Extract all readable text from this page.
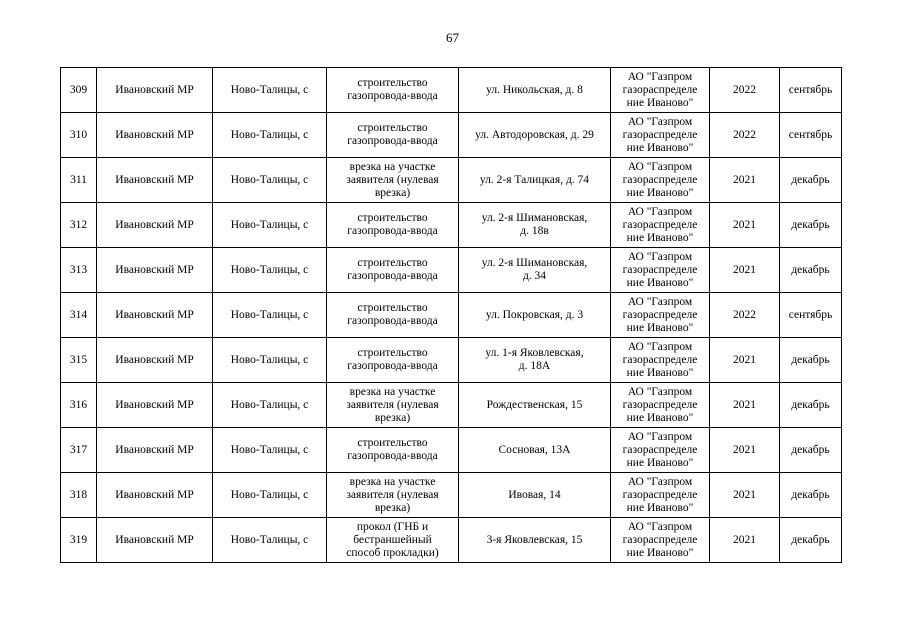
67
309	Ивановский МР	Ново-Талицы, с	строительство
газопровода-ввода	ул. Никольская, д. 8	АО "Газпром
газораспределе
ние Иваново"	2022	сентябрь
310	Ивановский МР	Ново-Талицы, с	строительство
газопровода-ввода	ул. Автодоровская, д. 29	АО "Газпром
газораспределе
ние Иваново"	2022	сентябрь
311	Ивановский МР	Ново-Талицы, с	врезка на участке
заявителя (нулевая
врезка)	ул. 2-я Талицкая, д. 74	АО "Газпром
газораспределе
ние Иваново"	2021	декабрь
312	Ивановский МР	Ново-Талицы, с	строительство
газопровода-ввода	ул. 2-я Шимановская,
д. 18в	АО "Газпром
газораспределе
ние Иваново"	2021	декабрь
313	Ивановский МР	Ново-Талицы, с	строительство
газопровода-ввода	ул. 2-я Шимановская,
д. 34	АО "Газпром
газораспределе
ние Иваново"	2021	декабрь
314	Ивановский МР	Ново-Талицы, с	строительство
газопровода-ввода	ул. Покровская, д. 3	АО "Газпром
газораспределе
ние Иваново"	2022	сентябрь
315	Ивановский МР	Ново-Талицы, с	строительство
газопровода-ввода	ул. 1-я Яковлевская,
д. 18А	АО "Газпром
газораспределе
ние Иваново"	2021	декабрь
316	Ивановский МР	Ново-Талицы, с	врезка на участке
заявителя (нулевая
врезка)	Рождественская, 15	АО "Газпром
газораспределе
ние Иваново"	2021	декабрь
317	Ивановский МР	Ново-Талицы, с	строительство
газопровода-ввода	Сосновая, 13А	АО "Газпром
газораспределе
ние Иваново"	2021	декабрь
318	Ивановский МР	Ново-Талицы, с	врезка на участке
заявителя (нулевая
врезка)	Ивовая, 14	АО "Газпром
газораспределе
ние Иваново"	2021	декабрь
319	Ивановский МР	Ново-Талицы, с	прокол (ГНБ и
бестраншейный
способ прокладки)	3-я Яковлевская, 15	АО "Газпром
газораспределе
ние Иваново"	2021	декабрь
